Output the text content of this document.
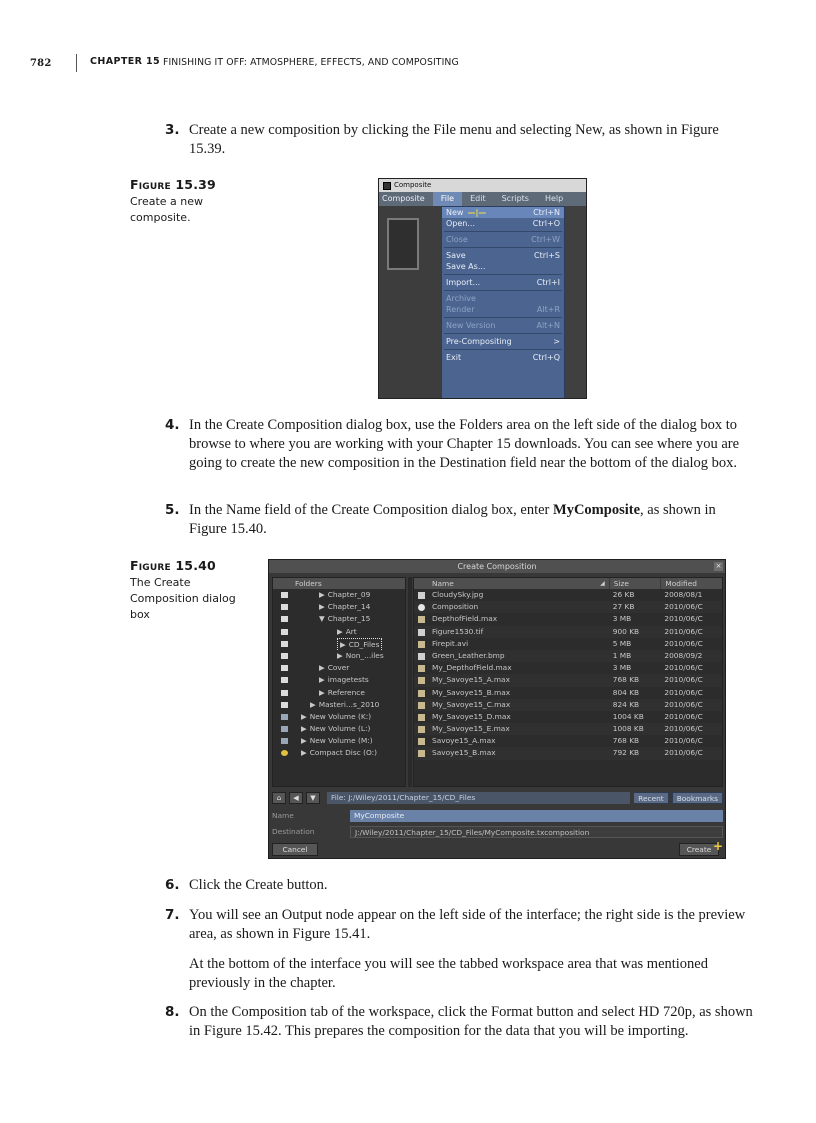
782	CHAPTER 15 FINISHING IT OFF: ATMOSPHERE, EFFECTS, AND COMPOSITING
3. Create a new composition by clicking the File menu and selecting New, as shown in Figure 15.39.
Figure 15.39
Create a new composite.
Composite
Composite	File	Edit	Scripts	Help
New —|—	Ctrl+N
Open...	Ctrl+O
Close	Ctrl+W
Save	Ctrl+S
Save As...
Import...	Ctrl+I
Archive
Render	Alt+R
New Version	Alt+N
Pre-Compositing	>
Exit	Ctrl+Q
4. In the Create Composition dialog box, use the Folders area on the left side of the dialog box to browse to where you are working with your Chapter 15 downloads. You can see where you are going to create the new composition in the Destination field near the bottom of the dialog box.
5. In the Name field of the Create Composition dialog box, enter MyComposite, as shown in Figure 15.40.
Figure 15.40
The Create Composition dialog box
Create Composition	×
Folders
▶ Chapter_09
▶ Chapter_14
▼ Chapter_15
▶ Art
▶ CD_Files
▶ Non_...iles
▶ Cover
▶ imagetests
▶ Reference
▶ Masteri...s_2010
▶ New Volume (K:)
▶ New Volume (L:)
▶ New Volume (M:)
▶ Compact Disc (O:)
Name	◢	Size	Modified
CloudySky.jpg	26 KB	2008/08/1
Composition	27 KB	2010/06/C
DepthofField.max	3 MB	2010/06/C
Figure1530.tif	900 KB	2010/06/C
Firepit.avi	5 MB	2010/06/C
Green_Leather.bmp	1 MB	2008/09/2
My_DepthofField.max	3 MB	2010/06/C
My_Savoye15_A.max	768 KB	2010/06/C
My_Savoye15_B.max	804 KB	2010/06/C
My_Savoye15_C.max	824 KB	2010/06/C
My_Savoye15_D.max	1004 KB	2010/06/C
My_Savoye15_E.max	1008 KB	2010/06/C
Savoye15_A.max	768 KB	2010/06/C
Savoye15_B.max	792 KB	2010/06/C
⌂	◀	▼	File: J:/Wiley/2011/Chapter_15/CD_Files	Recent	Bookmarks
Name	MyComposite
Destination	J:/Wiley/2011/Chapter_15/CD_Files/MyComposite.txcomposition
Cancel	Create +
6. Click the Create button.
7. You will see an Output node appear on the left side of the interface; the right side is the preview area, as shown in Figure 15.41.
At the bottom of the interface you will see the tabbed workspace area that was mentioned previously in the chapter.
8. On the Composition tab of the workspace, click the Format button and select HD 720p, as shown in Figure 15.42. This prepares the composition for the data that you will be importing.
